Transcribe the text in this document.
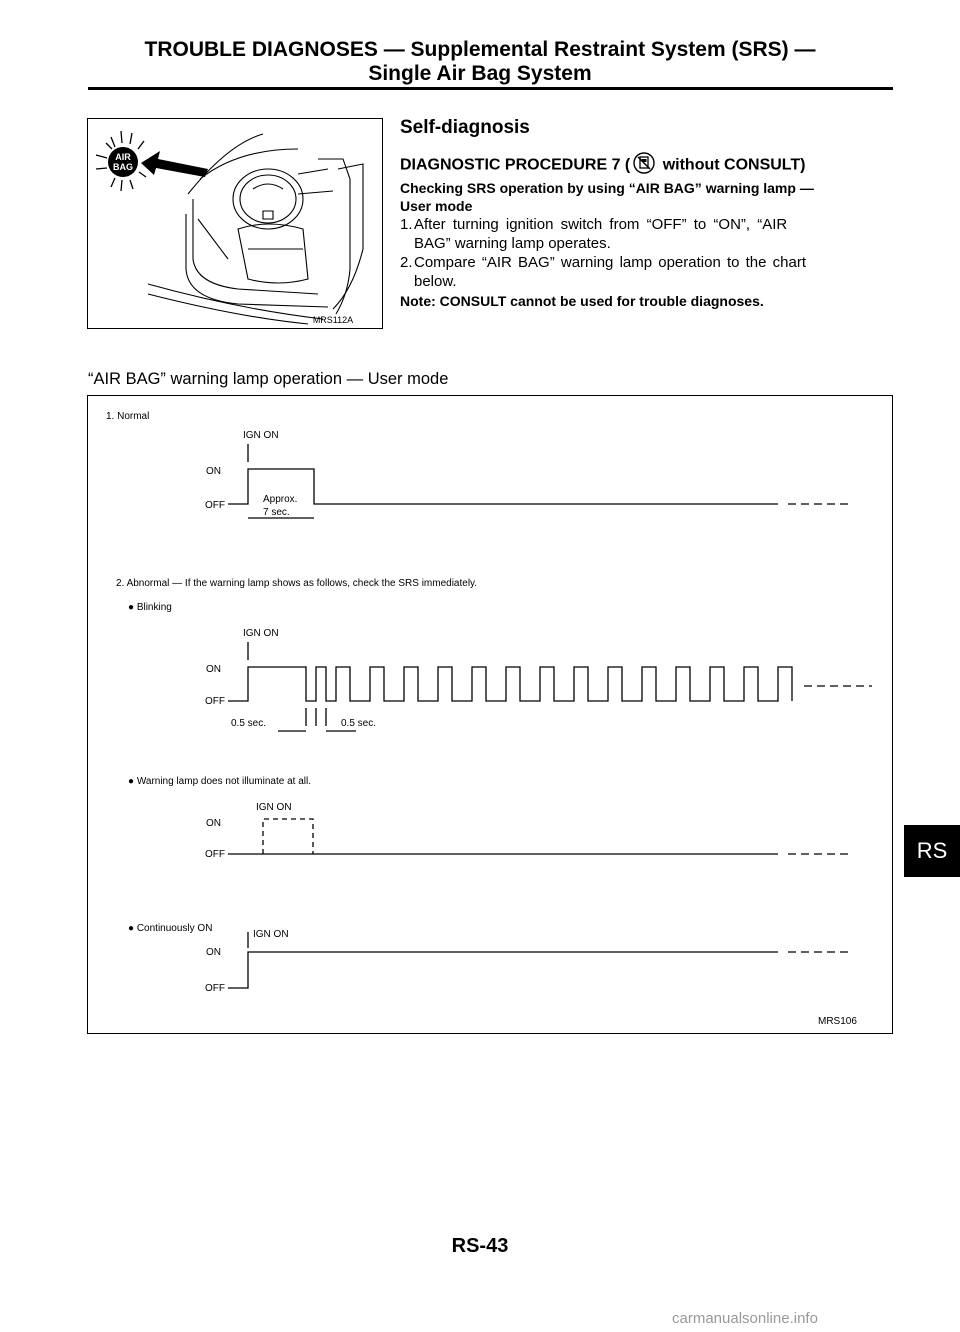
TROUBLE DIAGNOSES — Supplemental Restraint System (SRS) —
Single Air Bag System
AIR
BAG
MRS112A
Self-diagnosis
DIAGNOSTIC PROCEDURE 7 ( without CONSULT)
Checking SRS operation by using “AIR BAG” warning lamp —
User mode
1. After turning ignition switch from “OFF” to “ON”, “AIR
BAG” warning lamp operates.
2. Compare “AIR BAG” warning lamp operation to the chart
below.
Note: CONSULT cannot be used for trouble diagnoses.
“AIR BAG” warning lamp operation — User mode
1. Normal
IGN ON
ON
OFF
Approx.
7 sec.
2. Abnormal — If the warning lamp shows as follows, check the SRS immediately.
● Blinking
IGN ON
ON
OFF
0.5 sec.	0.5 sec.
● Warning lamp does not illuminate at all.
IGN ON
ON
OFF
● Continuously ON
IGN ON
ON
OFF
MRS106
RS
RS-43
carmanualsonline.info
